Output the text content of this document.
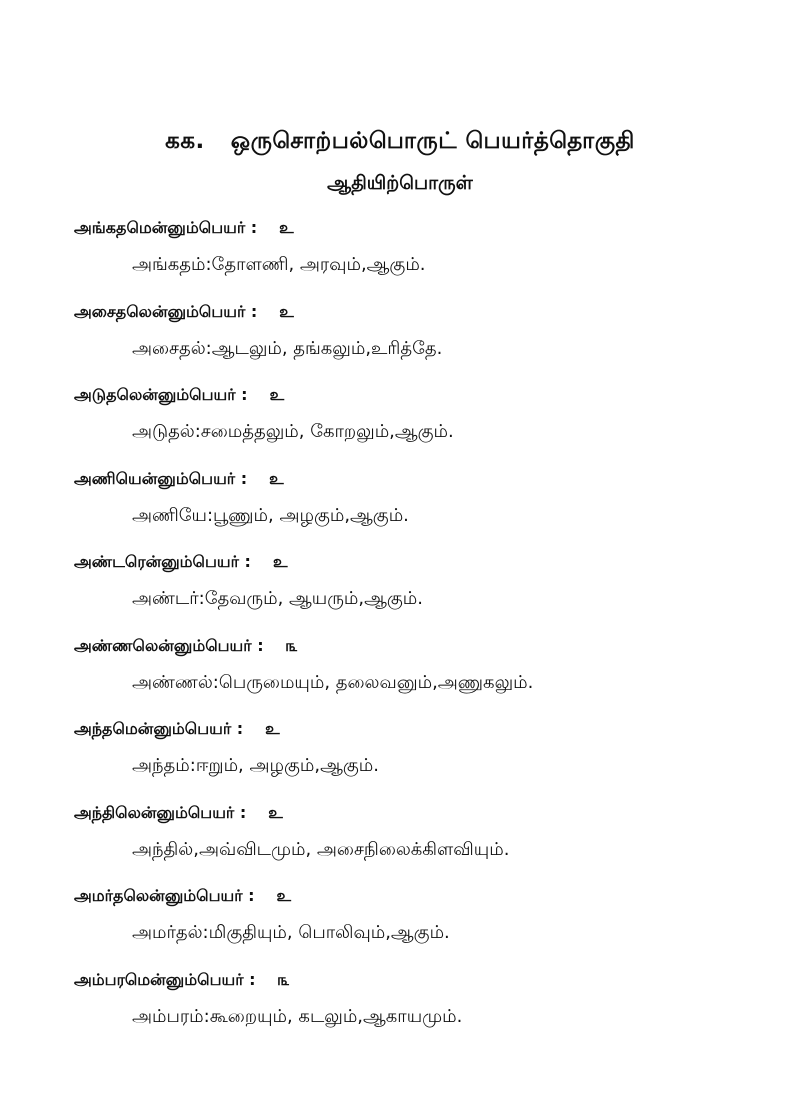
கக. ஒருசொற்பல்பொருட் பெயர்த்தொகுதி
ஆதியிற்பொருள்
அங்கதமென்னும்பெயர் : உ
அங்கதம்:தோளணி, அரவும்,ஆகும்.
அசைதலென்னும்பெயர் : உ
அசைதல்:ஆடலும், தங்கலும்,உரித்தே.
அடுதலென்னும்பெயர் : உ
அடுதல்:சமைத்தலும், கோறலும்,ஆகும்.
அணியென்னும்பெயர் : உ
அணியே:பூணும், அழகும்,ஆகும்.
அண்டரென்னும்பெயர் : உ
அண்டர்:தேவரும், ஆயரும்,ஆகும்.
அண்ணலென்னும்பெயர் : ௩
அண்ணல்:பெருமையும், தலைவனும்,அணுகலும்.
அந்தமென்னும்பெயர் : உ
அந்தம்:ஈறும், அழகும்,ஆகும்.
அந்திலென்னும்பெயர் : உ
அந்தில்,அவ்விடமும், அசைநிலைக்கிளவியும்.
அமர்தலென்னும்பெயர் : உ
அமர்தல்:மிகுதியும், பொலிவும்,ஆகும்.
அம்பரமென்னும்பெயர் : ௩
அம்பரம்:கூறையும், கடலும்,ஆகாயமும்.
